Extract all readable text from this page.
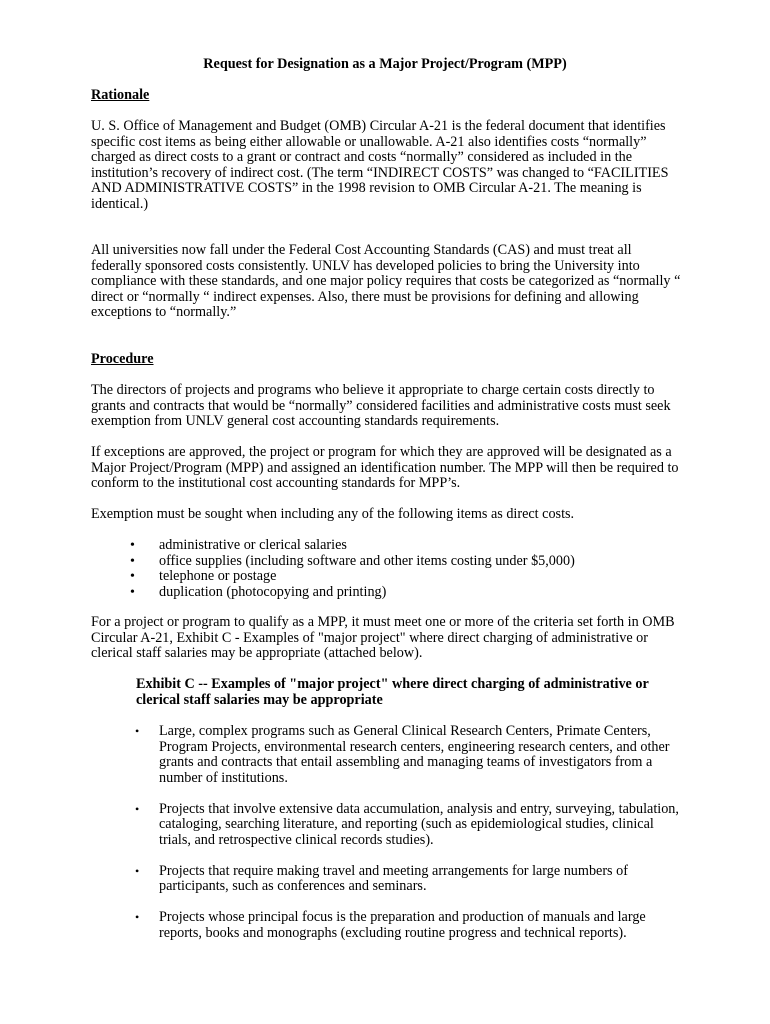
Request for Designation as a Major Project/Program (MPP)
Rationale

U. S. Office of Management and Budget (OMB) Circular A-21 is the federal document that identifies specific cost items as being either allowable or unallowable. A-21 also identifies costs “normally” charged as direct costs to a grant or contract and costs “normally” considered as included in the institution’s recovery of indirect cost. (The term “INDIRECT COSTS” was changed to “FACILITIES AND ADMINISTRATIVE COSTS” in the 1998 revision to OMB Circular A-21. The meaning is identical.)

All universities now fall under the Federal Cost Accounting Standards (CAS) and must treat all federally sponsored costs consistently. UNLV has developed policies to bring the University into compliance with these standards, and one major policy requires that costs be categorized as “normally “ direct or “normally “ indirect expenses. Also, there must be provisions for defining and allowing exceptions to “normally.”

Procedure

The directors of projects and programs who believe it appropriate to charge certain costs directly to grants and contracts that would be “normally” considered facilities and administrative costs must seek exemption from UNLV general cost accounting standards requirements.

If exceptions are approved, the project or program for which they are approved will be designated as a Major Project/Program (MPP) and assigned an identification number. The MPP will then be required to conform to the institutional cost accounting standards for MPP’s.

Exemption must be sought when including any of the following items as direct costs.

• administrative or clerical salaries
• office supplies (including software and other items costing under $5,000)
• telephone or postage
• duplication (photocopying and printing)

For a project or program to qualify as a MPP, it must meet one or more of the criteria set forth in OMB Circular A-21, Exhibit C - Examples of "major project" where direct charging of administrative or clerical staff salaries may be appropriate (attached below).

Exhibit C -- Examples of "major project" where direct charging of administrative or clerical staff salaries may be appropriate

• Large, complex programs such as General Clinical Research Centers, Primate Centers, Program Projects, environmental research centers, engineering research centers, and other grants and contracts that entail assembling and managing teams of investigators from a number of institutions.
• Projects that involve extensive data accumulation, analysis and entry, surveying, tabulation, cataloging, searching literature, and reporting (such as epidemiological studies, clinical trials, and retrospective clinical records studies).
• Projects that require making travel and meeting arrangements for large numbers of participants, such as conferences and seminars.
• Projects whose principal focus is the preparation and production of manuals and large reports, books and monographs (excluding routine progress and technical reports).
